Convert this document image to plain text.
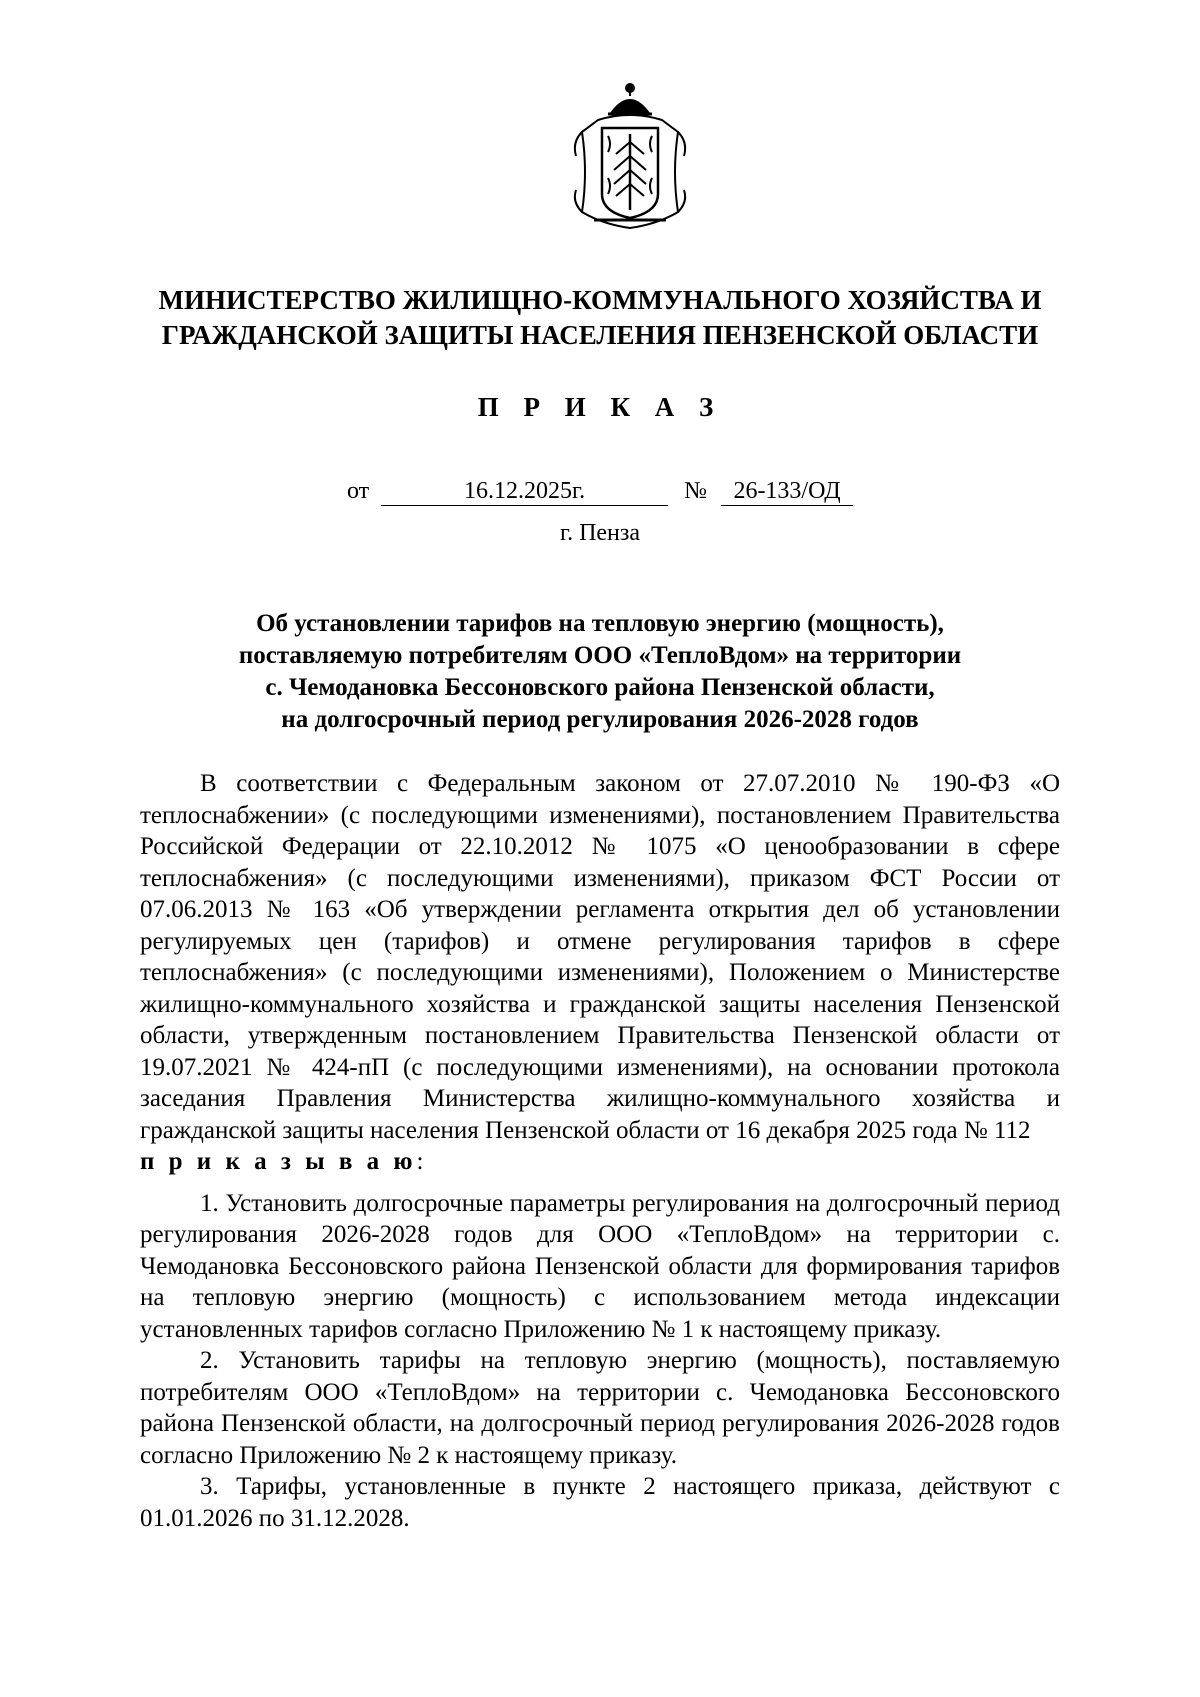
МИНИСТЕРСТВО ЖИЛИЩНО-КОММУНАЛЬНОГО ХОЗЯЙСТВА И
ГРАЖДАНСКОЙ ЗАЩИТЫ НАСЕЛЕНИЯ ПЕНЗЕНСКОЙ ОБЛАСТИ
П Р И К А З
от	16.12.2025г.	№ 26-133/ОД
г. Пенза
Об установлении тарифов на тепловую энергию (мощность),
поставляемую потребителям ООО «ТеплоВдом» на территории
с. Чемодановка Бессоновского района Пензенской области,
на долгосрочный период регулирования 2026-2028 годов

В соответствии с Федеральным законом от 27.07.2010 № 190-ФЗ «О теплоснабжении» (с последующими изменениями), постановлением Правительства Российской Федерации от 22.10.2012 № 1075 «О ценообразовании в сфере теплоснабжения» (с последующими изменениями), приказом ФСТ России от 07.06.2013 № 163 «Об утверждении регламента открытия дел об установлении регулируемых цен (тарифов) и отмене регулирования тарифов в сфере теплоснабжения» (с последующими изменениями), Положением о Министерстве жилищно-коммунального хозяйства и гражданской защиты населения Пензенской области, утвержденным постановлением Правительства Пензенской области от 19.07.2021 № 424-пП (с последующими изменениями), на основании протокола заседания Правления Министерства жилищно-коммунального хозяйства и гражданской защиты населения Пензенской области от 16 декабря 2025 года № 112

п р и к а з ы в а ю:

1. Установить долгосрочные параметры регулирования на долгосрочный период регулирования 2026-2028 годов для ООО «ТеплоВдом» на территории с. Чемодановка Бессоновского района Пензенской области для формирования тарифов на тепловую энергию (мощность) с использованием метода индексации установленных тарифов согласно Приложению № 1 к настоящему приказу.

2. Установить тарифы на тепловую энергию (мощность), поставляемую потребителям ООО «ТеплоВдом» на территории с. Чемодановка Бессоновского района Пензенской области, на долгосрочный период регулирования 2026-2028 годов согласно Приложению № 2 к настоящему приказу.

3. Тарифы, установленные в пункте 2 настоящего приказа, действуют с 01.01.2026 по 31.12.2028.
